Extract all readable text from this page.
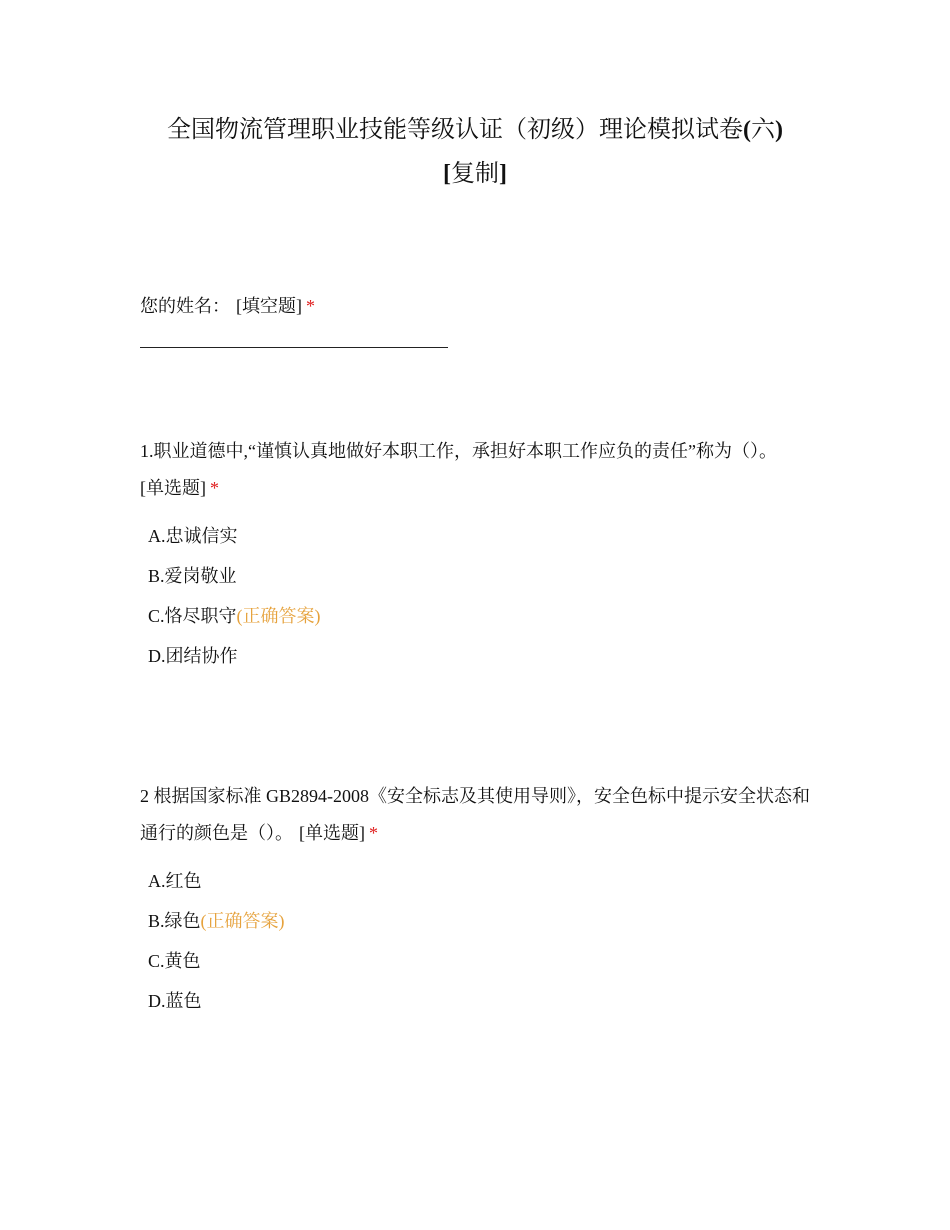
全国物流管理职业技能等级认证（初级）理论模拟试卷(六)
[复制]
您的姓名： [填空题] *
1.职业道德中,“谨慎认真地做好本职工作，承担好本职工作应负的责任”称为（）。
[单选题] *
A.忠诚信实
B.爱岗敬业
C.恪尽职守(正确答案)
D.团结协作
2 根据国家标准 GB2894-2008《安全标志及其使用导则》，安全色标中提示安全状态和通行的颜色是（）。 [单选题] *
A.红色
B.绿色(正确答案)
C.黄色
D.蓝色
